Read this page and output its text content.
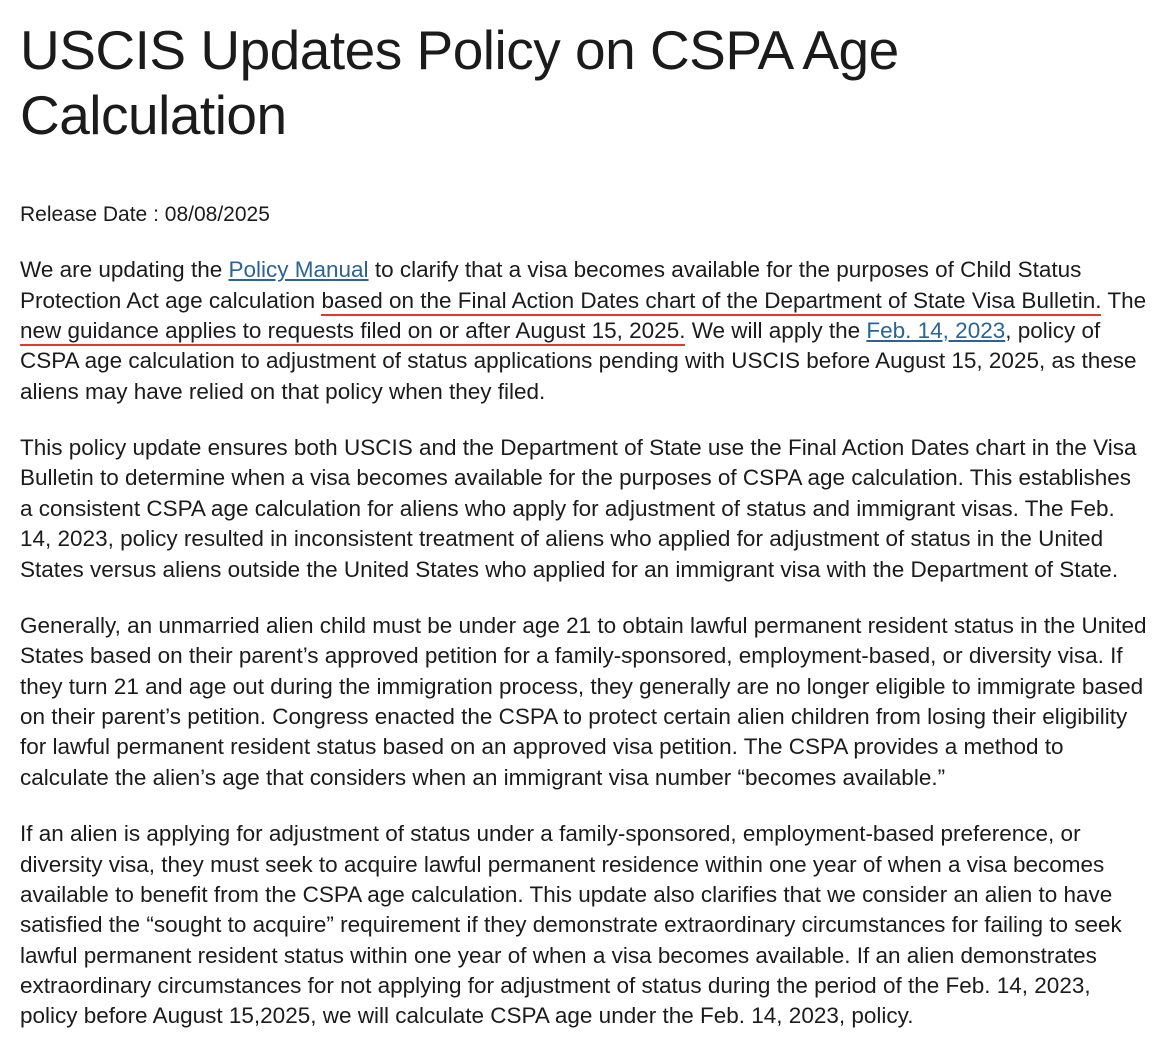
USCIS Updates Policy on CSPA Age Calculation
Release Date : 08/08/2025

We are updating the Policy Manual to clarify that a visa becomes available for the purposes of Child Status Protection Act age calculation based on the Final Action Dates chart of the Department of State Visa Bulletin. The new guidance applies to requests filed on or after August 15, 2025. We will apply the Feb. 14, 2023, policy of CSPA age calculation to adjustment of status applications pending with USCIS before August 15, 2025, as these aliens may have relied on that policy when they filed.

This policy update ensures both USCIS and the Department of State use the Final Action Dates chart in the Visa Bulletin to determine when a visa becomes available for the purposes of CSPA age calculation. This establishes a consistent CSPA age calculation for aliens who apply for adjustment of status and immigrant visas. The Feb. 14, 2023, policy resulted in inconsistent treatment of aliens who applied for adjustment of status in the United States versus aliens outside the United States who applied for an immigrant visa with the Department of State.

Generally, an unmarried alien child must be under age 21 to obtain lawful permanent resident status in the United States based on their parent’s approved petition for a family-sponsored, employment-based, or diversity visa. If they turn 21 and age out during the immigration process, they generally are no longer eligible to immigrate based on their parent’s petition. Congress enacted the CSPA to protect certain alien children from losing their eligibility for lawful permanent resident status based on an approved visa petition. The CSPA provides a method to calculate the alien’s age that considers when an immigrant visa number “becomes available.”

If an alien is applying for adjustment of status under a family-sponsored, employment-based preference, or diversity visa, they must seek to acquire lawful permanent residence within one year of when a visa becomes available to benefit from the CSPA age calculation. This update also clarifies that we consider an alien to have satisfied the “sought to acquire” requirement if they demonstrate extraordinary circumstances for failing to seek lawful permanent resident status within one year of when a visa becomes available. If an alien demonstrates extraordinary circumstances for not applying for adjustment of status during the period of the Feb. 14, 2023, policy before August 15,2025, we will calculate CSPA age under the Feb. 14, 2023, policy.
